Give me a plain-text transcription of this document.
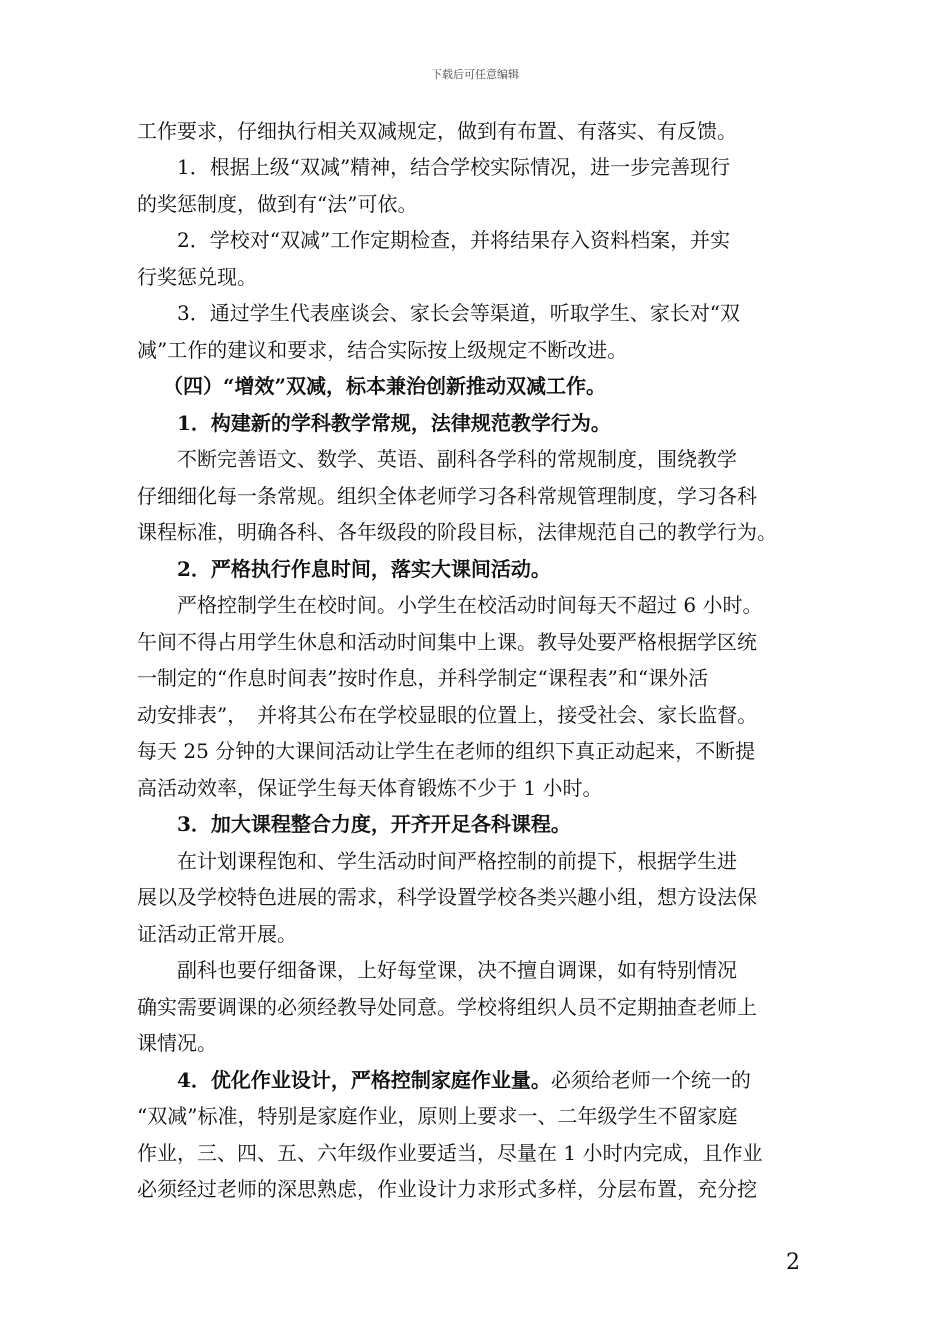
下载后可任意编辑
工作要求，仔细执行相关双减规定，做到有布置、有落实、有反馈。
　　1．根据上级“双减”精神，结合学校实际情况，进一步完善现行
的奖惩制度，做到有“法”可依。
　　2．学校对“双减”工作定期检查，并将结果存入资料档案，并实
行奖惩兑现。
　　3．通过学生代表座谈会、家长会等渠道，听取学生、家长对“双
减”工作的建议和要求，结合实际按上级规定不断改进。
　（四）“增效”双减，标本兼治创新推动双减工作。
　　1．构建新的学科教学常规，法律规范教学行为。
　　不断完善语文、数学、英语、副科各学科的常规制度，围绕教学
仔细细化每一条常规。组织全体老师学习各科常规管理制度，学习各科
课程标准，明确各科、各年级段的阶段目标，法律规范自己的教学行为。
　　2．严格执行作息时间，落实大课间活动。
　　严格控制学生在校时间。小学生在校活动时间每天不超过 6 小时。
午间不得占用学生休息和活动时间集中上课。教导处要严格根据学区统
一制定的“作息时间表”按时作息，并科学制定“课程表”和“课外活
动安排表”，　并将其公布在学校显眼的位置上，接受社会、家长监督。
每天 25 分钟的大课间活动让学生在老师的组织下真正动起来，不断提
高活动效率，保证学生每天体育锻炼不少于 1 小时。
　　3．加大课程整合力度，开齐开足各科课程。
　　在计划课程饱和、学生活动时间严格控制的前提下，根据学生进
展以及学校特色进展的需求，科学设置学校各类兴趣小组，想方设法保
证活动正常开展。
　　副科也要仔细备课，上好每堂课，决不擅自调课，如有特别情况
确实需要调课的必须经教导处同意。学校将组织人员不定期抽查老师上
课情况。
　　4．优化作业设计，严格控制家庭作业量。必须给老师一个统一的
“双减”标准，特别是家庭作业，原则上要求一、二年级学生不留家庭
作业，三、四、五、六年级作业要适当，尽量在 1 小时内完成，且作业
必须经过老师的深思熟虑，作业设计力求形式多样，分层布置，充分挖
2
